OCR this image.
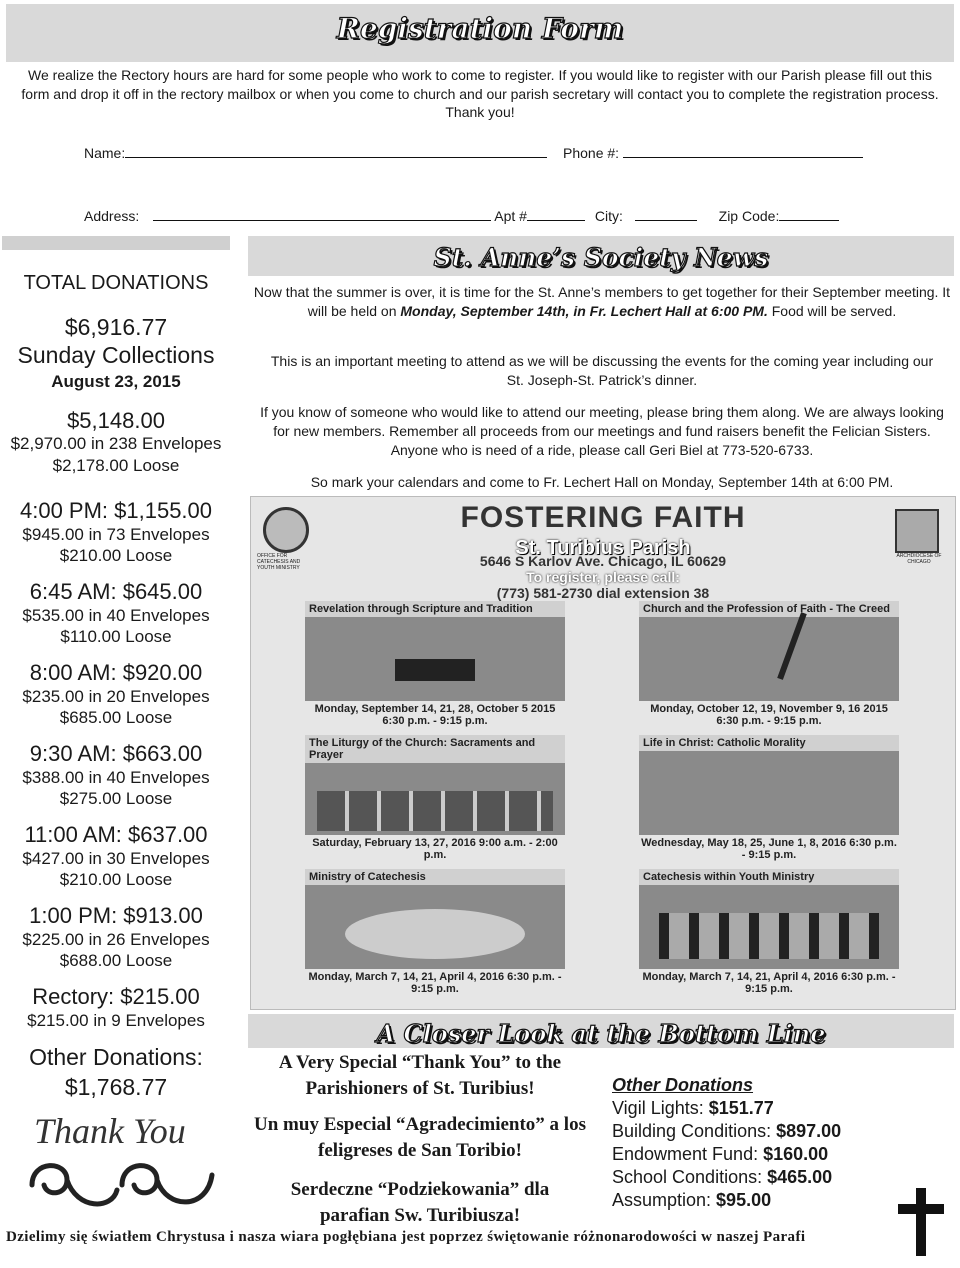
Registration Form
We realize the Rectory hours are hard for some people who work to come to register. If you would like to register with our Parish please fill out this form and drop it off in the rectory mailbox or when you come to church and our parish secretary will contact you to complete the registration process. Thank you!
Name:	Phone #:
Address:	Apt #	City:	Zip Code:
TOTAL DONATIONS
$6,916.77
Sunday Collections
August 23, 2015
$5,148.00
$2,970.00 in 238 Envelopes
$2,178.00 Loose
4:00 PM: $1,155.00
$945.00 in 73 Envelopes
$210.00 Loose
6:45 AM: $645.00
$535.00 in 40 Envelopes
$110.00 Loose
8:00 AM: $920.00
$235.00 in 20 Envelopes
$685.00 Loose
9:30 AM: $663.00
$388.00 in 40 Envelopes
$275.00 Loose
11:00 AM: $637.00
$427.00 in 30 Envelopes
$210.00 Loose
1:00 PM: $913.00
$225.00 in 26 Envelopes
$688.00 Loose
Rectory: $215.00
$215.00 in 9 Envelopes
Other Donations:
$1,768.77
Thank You
St. Anne’s Society News
Now that the summer is over, it is time for the St. Anne’s members to get together for their September meeting. It will be held on Monday, September 14th, in Fr. Lechert Hall at 6:00 PM. Food will be served.
This is an important meeting to attend as we will be discussing the events for the coming year including our St. Joseph-St. Patrick’s dinner.
If you know of someone who would like to attend our meeting, please bring them along. We are always looking for new members. Remember all proceeds from our meetings and fund raisers benefit the Felician Sisters. Anyone who is need of a ride, please call Geri Biel at 773-520-6733.
So mark your calendars and come to Fr. Lechert Hall on Monday, September 14th at 6:00 PM.
OFFICE FOR CATECHESIS AND YOUTH MINISTRY
ARCHDIOCESE OF CHICAGO
FOSTERING FAITH
St. Turibius Parish
5646 S Karlov Ave. Chicago, IL 60629
To register, please call:
(773) 581-2730 dial extension 38
Revelation through Scripture and Tradition
Monday, September 14, 21, 28, October 5 2015 6:30 p.m. - 9:15 p.m.
Church and the Profession of Faith - The Creed
Monday, October 12, 19, November 9, 16 2015 6:30 p.m. - 9:15 p.m.
The Liturgy of the Church: Sacraments and Prayer
Saturday, February 13, 27, 2016 9:00 a.m. - 2:00 p.m.
Life in Christ: Catholic Morality
Wednesday, May 18, 25, June 1, 8, 2016 6:30 p.m. - 9:15 p.m.
Ministry of Catechesis
Monday, March 7, 14, 21, April 4, 2016 6:30 p.m. - 9:15 p.m.
Catechesis within Youth Ministry
Monday, March 7, 14, 21, April 4, 2016 6:30 p.m. - 9:15 p.m.
A Closer Look at the Bottom Line
A Very Special “Thank You” to the Parishioners of St. Turibius!
Un muy Especial “Agradecimiento” a los feligreses de San Toribio!
Serdeczne “Podziekowania” dla parafian Sw. Turibiusza!
Other Donations
Vigil Lights: $151.77
Building Conditions: $897.00
Endowment Fund: $160.00
School Conditions: $465.00
Assumption: $95.00
Dzielimy się światłem Chrystusa i nasza wiara pogłębiana jest poprzez świętowanie różnonarodowości w naszej Parafi
